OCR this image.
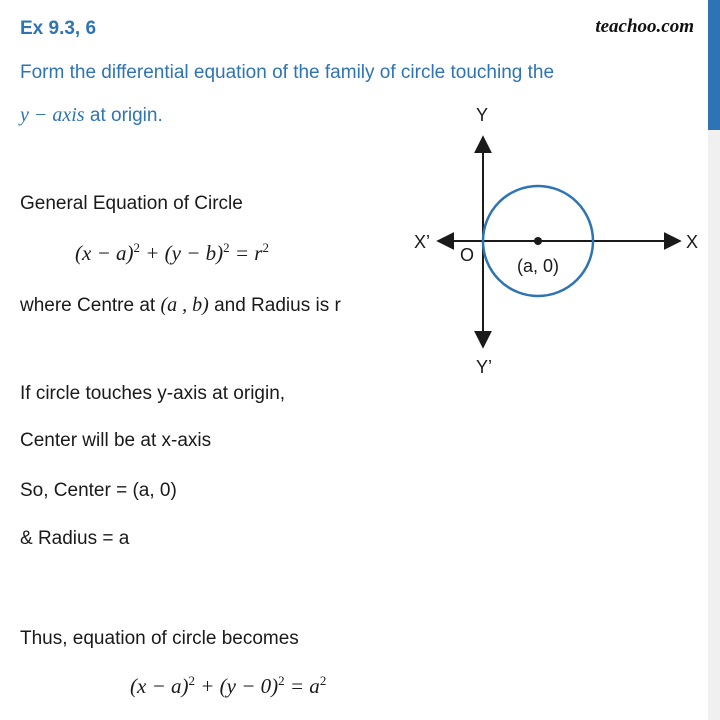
Ex 9.3, 6	teachoo.com
Form the differential equation of the family of circle touching the
y − axis at origin.
General Equation of Circle
$(x - a)^2 + (y - b)^2 = r^2$
where Centre at (a , b) and Radius is r
If circle touches y-axis at origin,
Center will be at x-axis
So, Center = (a, 0)
& Radius = a
Thus, equation of circle becomes
$(x - a)^2 + (y - 0)^2 = a^2$
Y
Y’
X
X’
O
(a, 0)
